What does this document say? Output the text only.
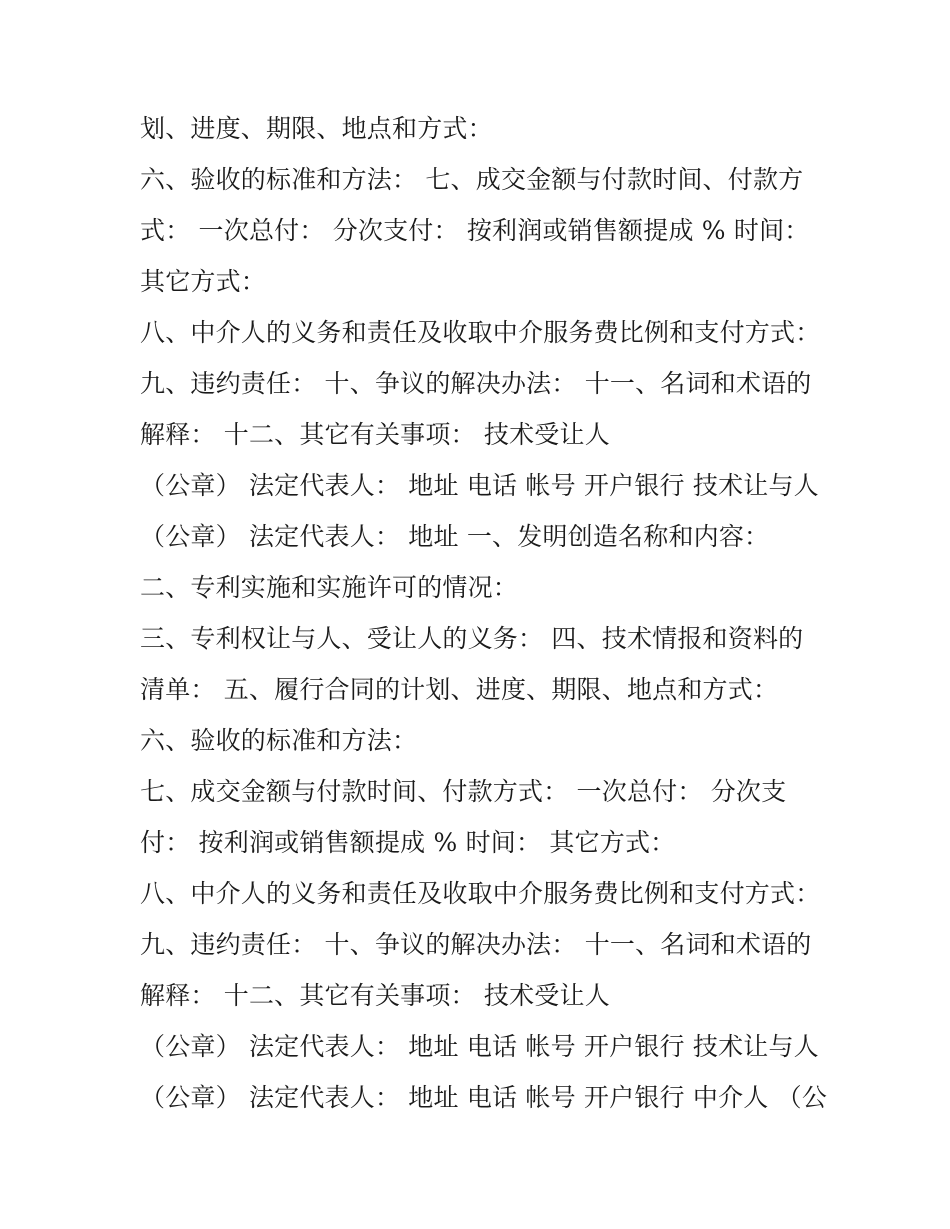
划、进度、期限、地点和方式：
六、验收的标准和方法： 七、成交金额与付款时间、付款方
式： 一次总付： 分次支付： 按利润或销售额提成 % 时间：
其它方式：
八、中介人的义务和责任及收取中介服务费比例和支付方式：
九、违约责任： 十、争议的解决办法： 十一、名词和术语的
解释： 十二、其它有关事项： 技术受让人
（公章） 法定代表人： 地址 电话 帐号 开户银行 技术让与人
（公章） 法定代表人： 地址 一、发明创造名称和内容：
二、专利实施和实施许可的情况：
三、专利权让与人、受让人的义务： 四、技术情报和资料的
清单： 五、履行合同的计划、进度、期限、地点和方式：
六、验收的标准和方法：
七、成交金额与付款时间、付款方式： 一次总付： 分次支
付： 按利润或销售额提成 % 时间： 其它方式：
八、中介人的义务和责任及收取中介服务费比例和支付方式：
九、违约责任： 十、争议的解决办法： 十一、名词和术语的
解释： 十二、其它有关事项： 技术受让人
（公章） 法定代表人： 地址 电话 帐号 开户银行 技术让与人
（公章） 法定代表人： 地址 电话 帐号 开户银行 中介人 （公
